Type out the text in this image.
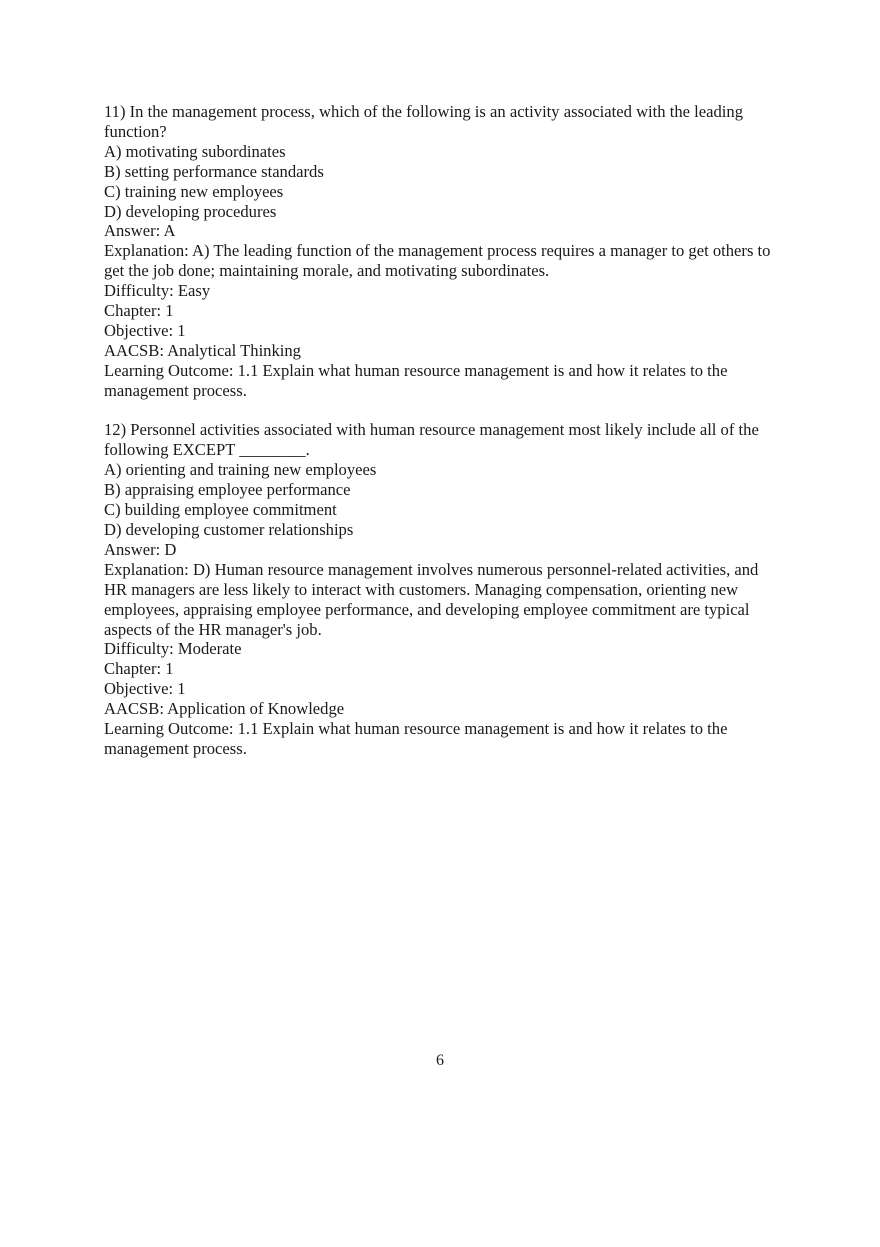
11) In the management process, which of the following is an activity associated with the leading function?
A) motivating subordinates
B) setting performance standards
C) training new employees
D) developing procedures
Answer: A
Explanation: A) The leading function of the management process requires a manager to get others to get the job done; maintaining morale, and motivating subordinates.
Difficulty: Easy
Chapter: 1
Objective: 1
AACSB: Analytical Thinking
Learning Outcome: 1.1 Explain what human resource management is and how it relates to the management process.
12) Personnel activities associated with human resource management most likely include all of the following EXCEPT ________.
A) orienting and training new employees
B) appraising employee performance
C) building employee commitment
D) developing customer relationships
Answer: D
Explanation: D) Human resource management involves numerous personnel-related activities, and HR managers are less likely to interact with customers. Managing compensation, orienting new employees, appraising employee performance, and developing employee commitment are typical aspects of the HR manager's job.
Difficulty: Moderate
Chapter: 1
Objective: 1
AACSB: Application of Knowledge
Learning Outcome: 1.1 Explain what human resource management is and how it relates to the management process.
6
